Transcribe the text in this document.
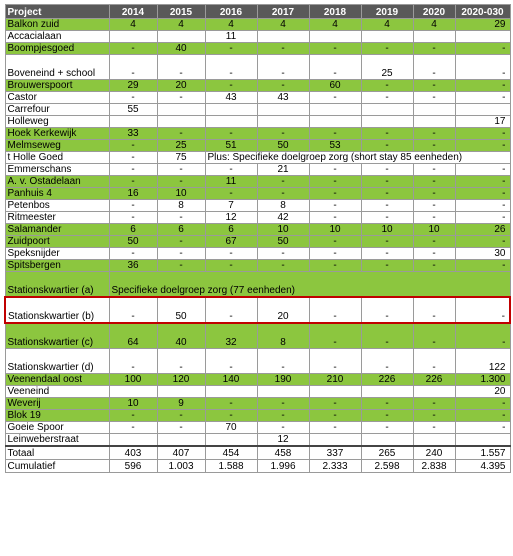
Project	2014	2015	2016	2017	2018	2019	2020	2020-030
Balkon zuid	4	4	4	4	4	4	4	29
Accacialaan			11					
Boompjesgoed	-	40	-	-	-	-	-	-
Boveneind + school	-	-	-	-	-	25	-	-
Brouwerspoort	29	20	-	-	60	-	-	-
Castor	-	-	43	43	-	-	-	-
Carrefour	55							
Holleweg								17
Hoek Kerkewijk	33	-	-	-	-	-	-	-
Melmseweg	-	25	51	50	53	-	-	-
t Holle Goed	-	75	Plus: Specifieke doelgroep zorg (short stay 85 eenheden)					
Emmerschans	-	-	-	21	-	-	-	-
A. v. Ostadelaan	-	-	11	-	-	-	-	-
Panhuis 4	16	10	-	-	-	-	-	-
Petenbos	-	8	7	8	-	-	-	-
Ritmeester	-	-	12	42	-	-	-	-
Salamander	6	6	6	10	10	10	10	26
Zuidpoort	50	-	67	50	-	-	-	-
Speksnijder	-	-	-	-	-	-	-	30
Spitsbergen	36	-	-	-	-	-	-	-
Stationskwartier (a)	Specifieke doelgroep zorg (77 eenheden)							
Stationskwartier (b)	-	50	-	20	-	-	-	-
Stationskwartier (c)	64	40	32	8	-	-	-	-
Stationskwartier (d)	-	-	-	-	-	-	-	122
Veenendaal oost	100	120	140	190	210	226	226	1.300
Veeneind								20
Weverij	10	9	-	-	-	-	-	-
Blok 19	-	-	-	-	-	-	-	-
Goeie Spoor	-	-	70	-	-	-	-	-
Leinweberstraat				12				
Totaal	403	407	454	458	337	265	240	1.557
Cumulatief	596	1.003	1.588	1.996	2.333	2.598	2.838	4.395
